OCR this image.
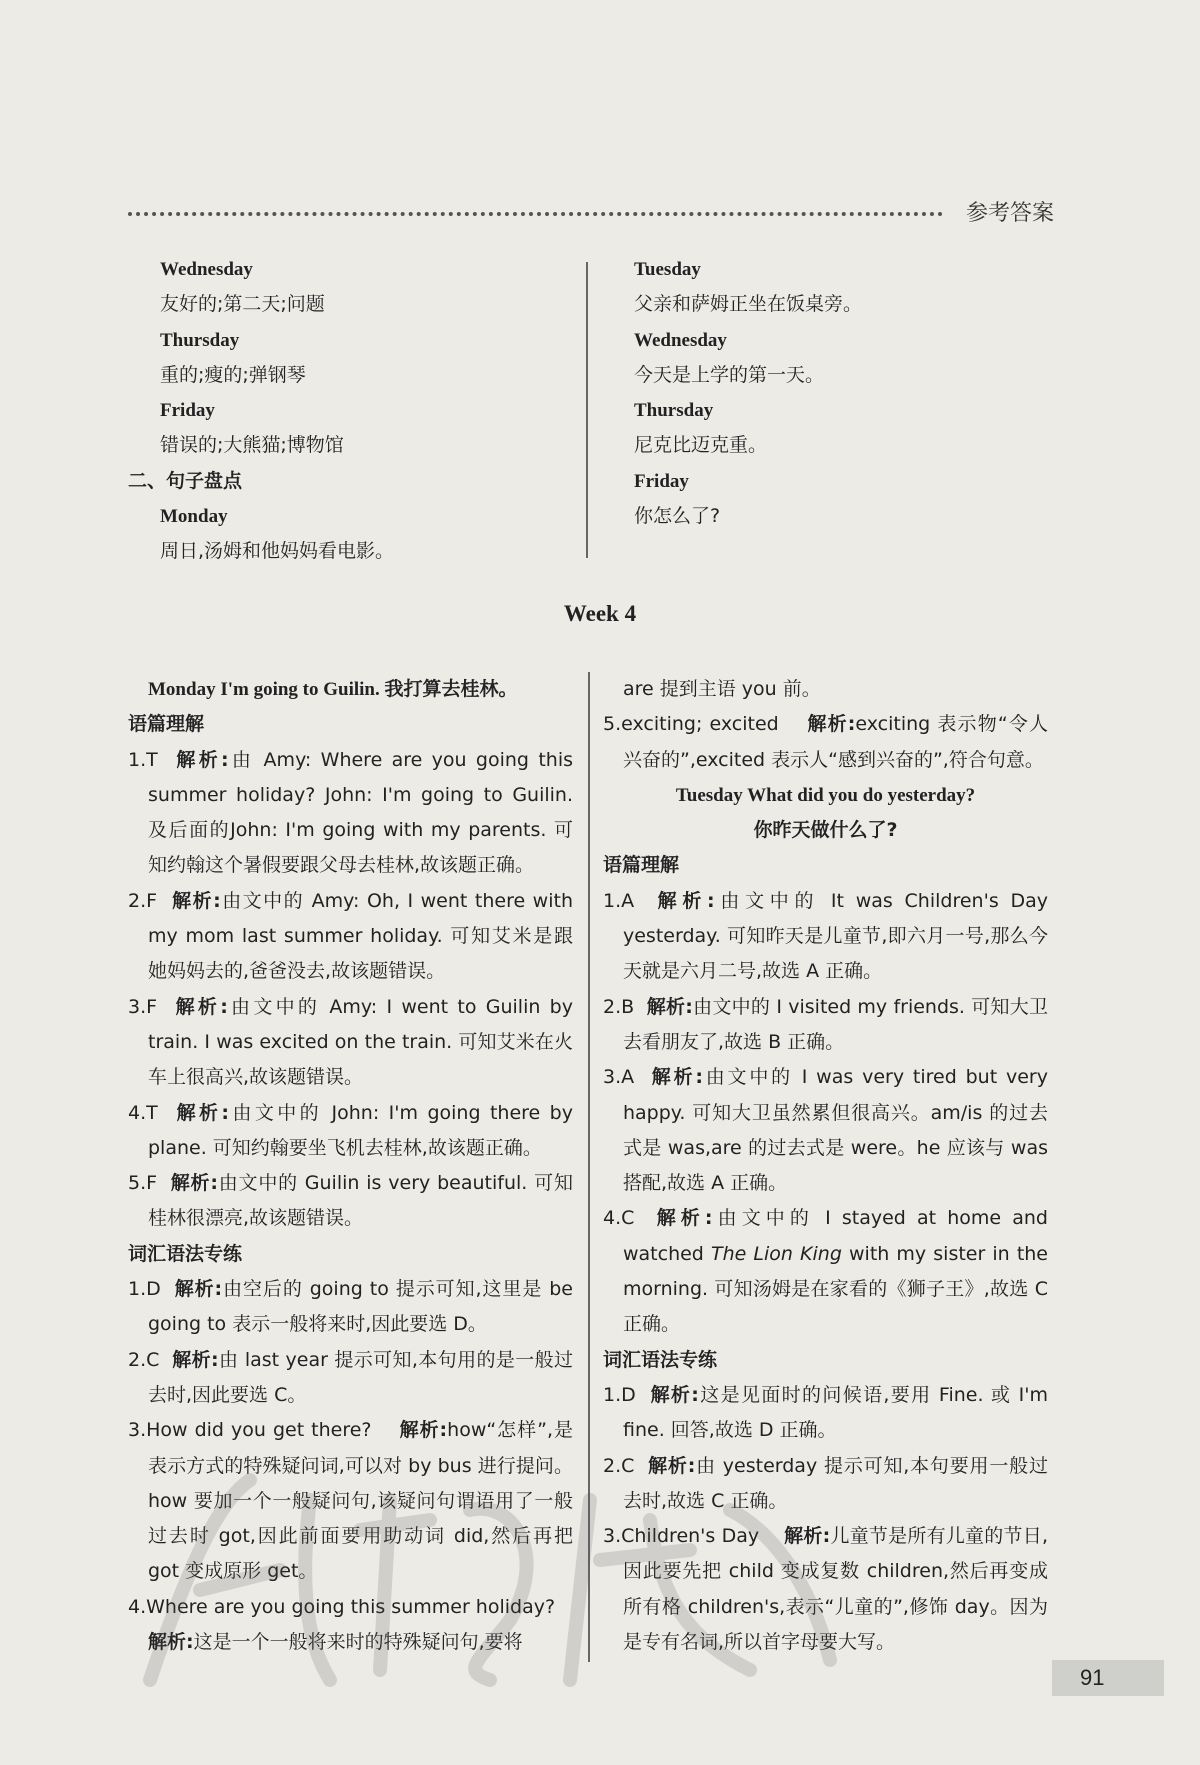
参考答案

Wednesday

友好的;第二天;问题

Thursday

重的;瘦的;弹钢琴

Friday

错误的;大熊猫;博物馆

二、句子盘点

Monday

周日,汤姆和他妈妈看电影。

Tuesday

父亲和萨姆正坐在饭桌旁。

Wednesday

今天是上学的第一天。

Thursday

尼克比迈克重。

Friday

你怎么了?

Week 4

Monday I'm going to Guilin. 我打算去桂林。

语篇理解

1.T 解析:由 Amy: Where are you going this summer holiday? John: I'm going to Guilin. 及后面的John: I'm going with my parents. 可知约翰这个暑假要跟父母去桂林,故该题正确。

2.F 解析:由文中的 Amy: Oh, I went there with my mom last summer holiday. 可知艾米是跟她妈妈去的,爸爸没去,故该题错误。

3.F 解析:由文中的 Amy: I went to Guilin by train. I was excited on the train. 可知艾米在火车上很高兴,故该题错误。

4.T 解析:由文中的 John: I'm going there by plane. 可知约翰要坐飞机去桂林,故该题正确。

5.F 解析:由文中的 Guilin is very beautiful. 可知桂林很漂亮,故该题错误。

词汇语法专练

1.D 解析:由空后的 going to 提示可知,这里是 be going to 表示一般将来时,因此要选 D。

2.C 解析:由 last year 提示可知,本句用的是一般过去时,因此要选 C。

3.How did you get there? 解析:how“怎样”,是表示方式的特殊疑问词,可以对 by bus 进行提问。how 要加一个一般疑问句,该疑问句谓语用了一般过去时 got,因此前面要用助动词 did,然后再把 got 变成原形 get。

4.Where are you going this summer holiday?
解析:这是一个一般将来时的特殊疑问句,要将

are 提到主语 you 前。

5.exciting; excited 解析:exciting 表示物“令人兴奋的”,excited 表示人“感到兴奋的”,符合句意。

Tuesday What did you do yesterday?

你昨天做什么了?

语篇理解

1.A 解析:由文中的 It was Children's Day yesterday. 可知昨天是儿童节,即六月一号,那么今天就是六月二号,故选 A 正确。

2.B 解析:由文中的 I visited my friends. 可知大卫去看朋友了,故选 B 正确。

3.A 解析:由文中的 I was very tired but very happy. 可知大卫虽然累但很高兴。am/is 的过去式是 was,are 的过去式是 were。he 应该与 was 搭配,故选 A 正确。

4.C 解析:由文中的 I stayed at home and watched The Lion King with my sister in the morning. 可知汤姆是在家看的《狮子王》,故选 C 正确。

词汇语法专练

1.D 解析:这是见面时的问候语,要用 Fine. 或 I'm fine. 回答,故选 D 正确。

2.C 解析:由 yesterday 提示可知,本句要用一般过去时,故选 C 正确。

3.Children's Day 解析:儿童节是所有儿童的节日,因此要先把 child 变成复数 children,然后再变成所有格 children's,表示“儿童的”,修饰 day。因为是专有名词,所以首字母要大写。

91
